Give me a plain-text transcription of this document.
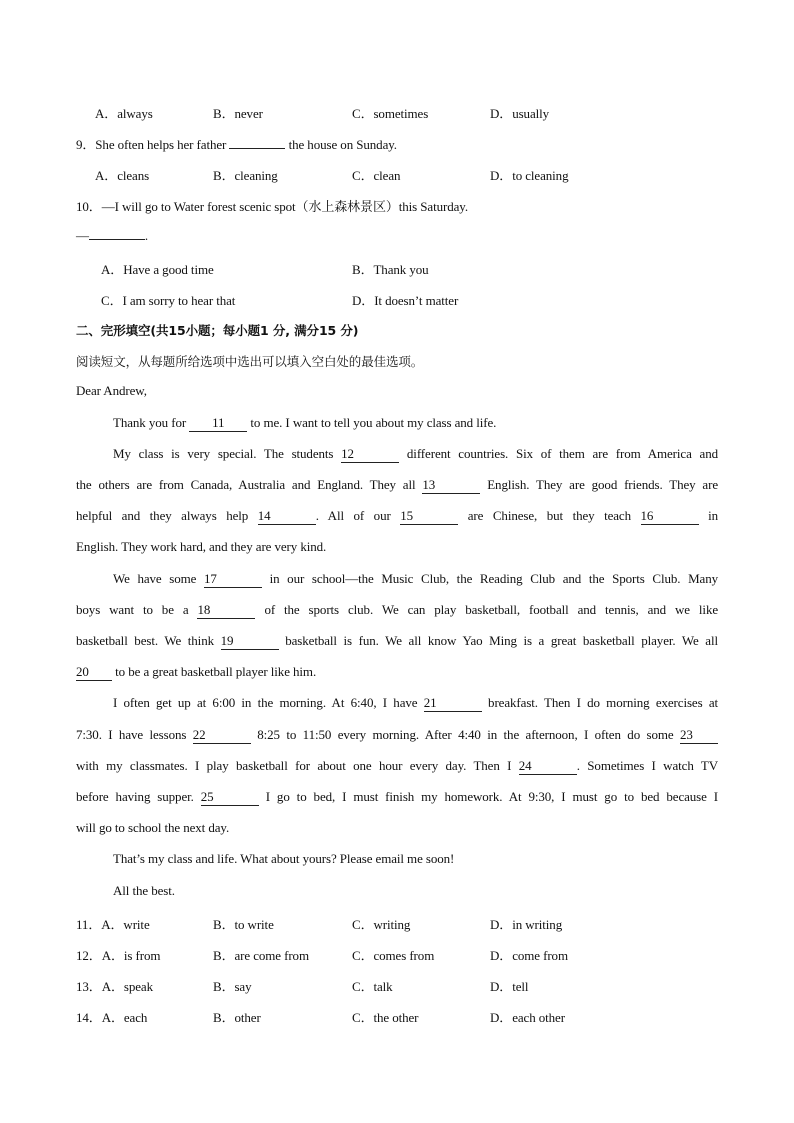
A．always	B．never	C．sometimes	D．usually
9．She often helps her father	the house on Sunday.
A．cleans	B．cleaning	C．clean	D．to cleaning
10．—I will go to Water forest scenic spot（水上森林景区）this Saturday.
—	.
A．Have a good time	B．Thank you
C．I am sorry to hear that	D．It doesn’t matter
二、完形填空(共15小题；每小题1 分, 满分15 分)
阅读短文，从每题所给选项中选出可以填入空白处的最佳选项。
Dear Andrew,
Thank you for 11 to me. I want to tell you about my class and life.
My class is very special. The students 12	different countries. Six of them are from America and
the others are from Canada, Australia and England. They all 13	English. They are good friends. They are
helpful and they always help 14	. All of our 15	are Chinese, but they teach 16	in
English. They work hard, and they are very kind.
We have some 17	in our school—the Music Club, the Reading Club and the Sports Club. Many
boys want to be a 18	of the sports club. We can play basketball, football and tennis, and we like
basketball best. We think 19	basketball is fun. We all know Yao Ming is a great basketball player. We all
20 to be a great basketball player like him.
I often get up at 6:00 in the morning. At 6:40, I have 21	breakfast. Then I do morning exercises at
7:30. I have lessons 22	8:25 to 11:50 every morning. After 4:40 in the afternoon, I often do some 23
with my classmates. I play basketball for about one hour every day. Then I 24	. Sometimes I watch TV
before having supper. 25	I go to bed, I must finish my homework. At 9:30, I must go to bed because I
will go to school the next day.
That’s my class and life. What about yours? Please email me soon!
All the best.
11．A．write	B．to write	C．writing	D．in writing
12．A．is from	B．are come from	C．comes from	D．come from
13．A．speak	B．say	C．talk	D．tell
14．A．each	B．other	C．the other	D．each other
